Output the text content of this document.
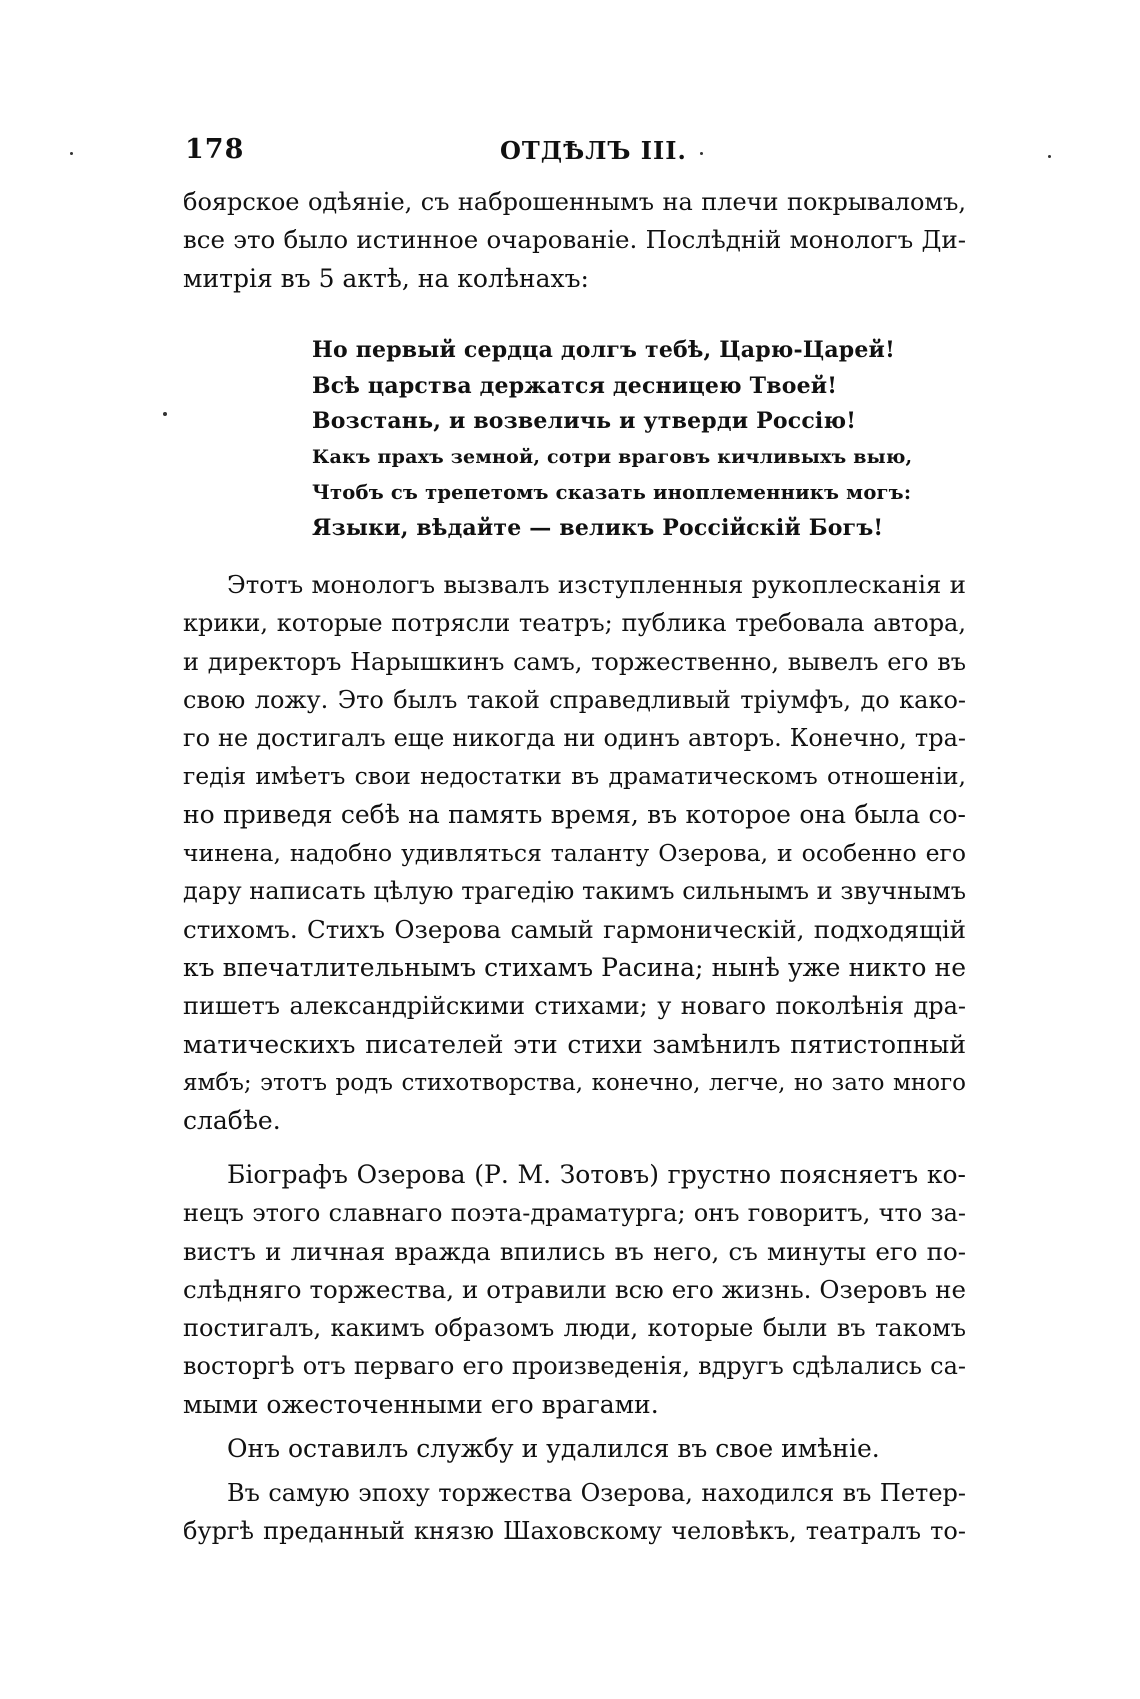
178	ОТДѢЛЪ III.
боярское одѣяніе, съ наброшеннымъ на плечи покрываломъ,
все это было истинное очарованіе. Послѣдній монологъ Ди-
митрія въ 5 актѣ, на колѣнахъ:
Но первый сердца долгъ тебѣ, Царю-Царей!
Всѣ царства держатся десницею Твоей!
Возстань, и возвеличь и утверди Россію!
Какъ прахъ земной, сотри враговъ кичливыхъ выю,
Чтобъ съ трепетомъ сказать иноплеменникъ могъ:
Языки, вѣдайте — великъ Россійскій Богъ!
Этотъ монологъ вызвалъ изступленныя рукоплесканія и
крики, которые потрясли театръ; публика требовала автора,
и директоръ Нарышкинъ самъ, торжественно, вывелъ его въ
свою ложу. Это былъ такой справедливый тріумфъ, до како-
го не достигалъ еще никогда ни одинъ авторъ. Конечно, тра-
гедія имѣетъ свои недостатки въ драматическомъ отношеніи,
но приведя себѣ на память время, въ которое она была со-
чинена, надобно удивляться таланту Озерова, и особенно его
дару написать цѣлую трагедію такимъ сильнымъ и звучнымъ
стихомъ. Стихъ Озерова самый гармоническій, подходящій
къ впечатлительнымъ стихамъ Расина; нынѣ уже никто не
пишетъ александрійскими стихами; у новаго поколѣнія дра-
матическихъ писателей эти стихи замѣнилъ пятистопный
ямбъ; этотъ родъ стихотворства, конечно, легче, но зато много
слабѣе.
Біографъ Озерова (Р. М. Зотовъ) грустно поясняетъ ко-
нецъ этого славнаго поэта-драматурга; онъ говоритъ, что за-
вистъ и личная вражда впились въ него, съ минуты его по-
слѣдняго торжества, и отравили всю его жизнь. Озеровъ не
постигалъ, какимъ образомъ люди, которые были въ такомъ
восторгѣ отъ перваго его произведенія, вдругъ сдѣлались са-
мыми ожесточенными его врагами.
Онъ оставилъ службу и удалился въ свое имѣніе.
Въ самую эпоху торжества Озерова, находился въ Петер-
бургѣ преданный князю Шаховскому человѣкъ, театралъ то-
